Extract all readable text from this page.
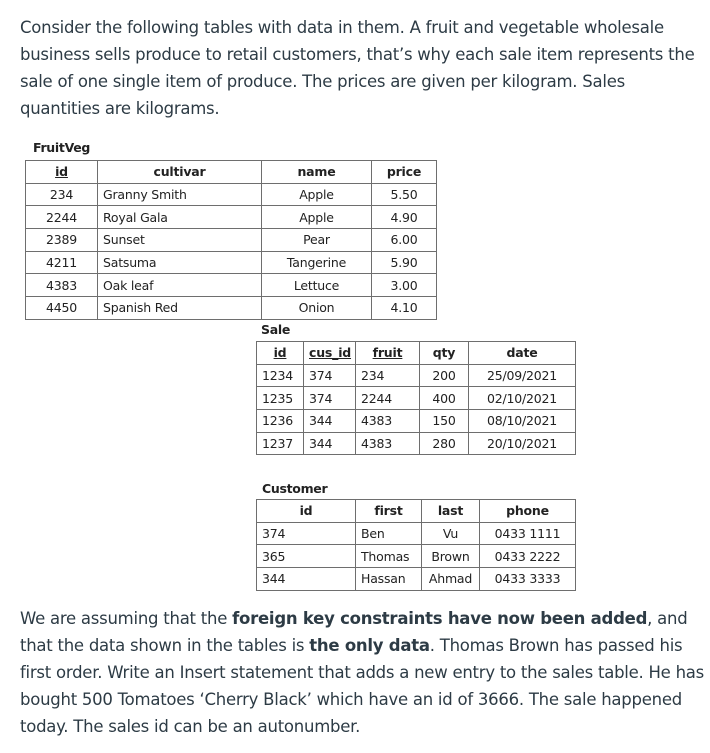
Consider the following tables with data in them. A fruit and vegetable wholesale business sells produce to retail customers, that’s why each sale item represents the sale of one single item of produce. The prices are given per kilogram. Sales quantities are kilograms.

FruitVeg
id	cultivar	name	price
234	Granny Smith	Apple	5.50
2244	Royal Gala	Apple	4.90
2389	Sunset	Pear	6.00
4211	Satsuma	Tangerine	5.90
4383	Oak leaf	Lettuce	3.00
4450	Spanish Red	Onion	4.10
Sale
id	cus_id	fruit	qty	date
1234	374	234	200	25/09/2021
1235	374	2244	400	02/10/2021
1236	344	4383	150	08/10/2021
1237	344	4383	280	20/10/2021
Customer
id	first	last	phone
374	Ben	Vu	0433 1111
365	Thomas	Brown	0433 2222
344	Hassan	Ahmad	0433 3333

We are assuming that the foreign key constraints have now been added, and that the data shown in the tables is the only data. Thomas Brown has passed his first order. Write an Insert statement that adds a new entry to the sales table. He has bought 500 Tomatoes ‘Cherry Black’ which have an id of 3666. The sale happened today. The sales id can be an autonumber.
